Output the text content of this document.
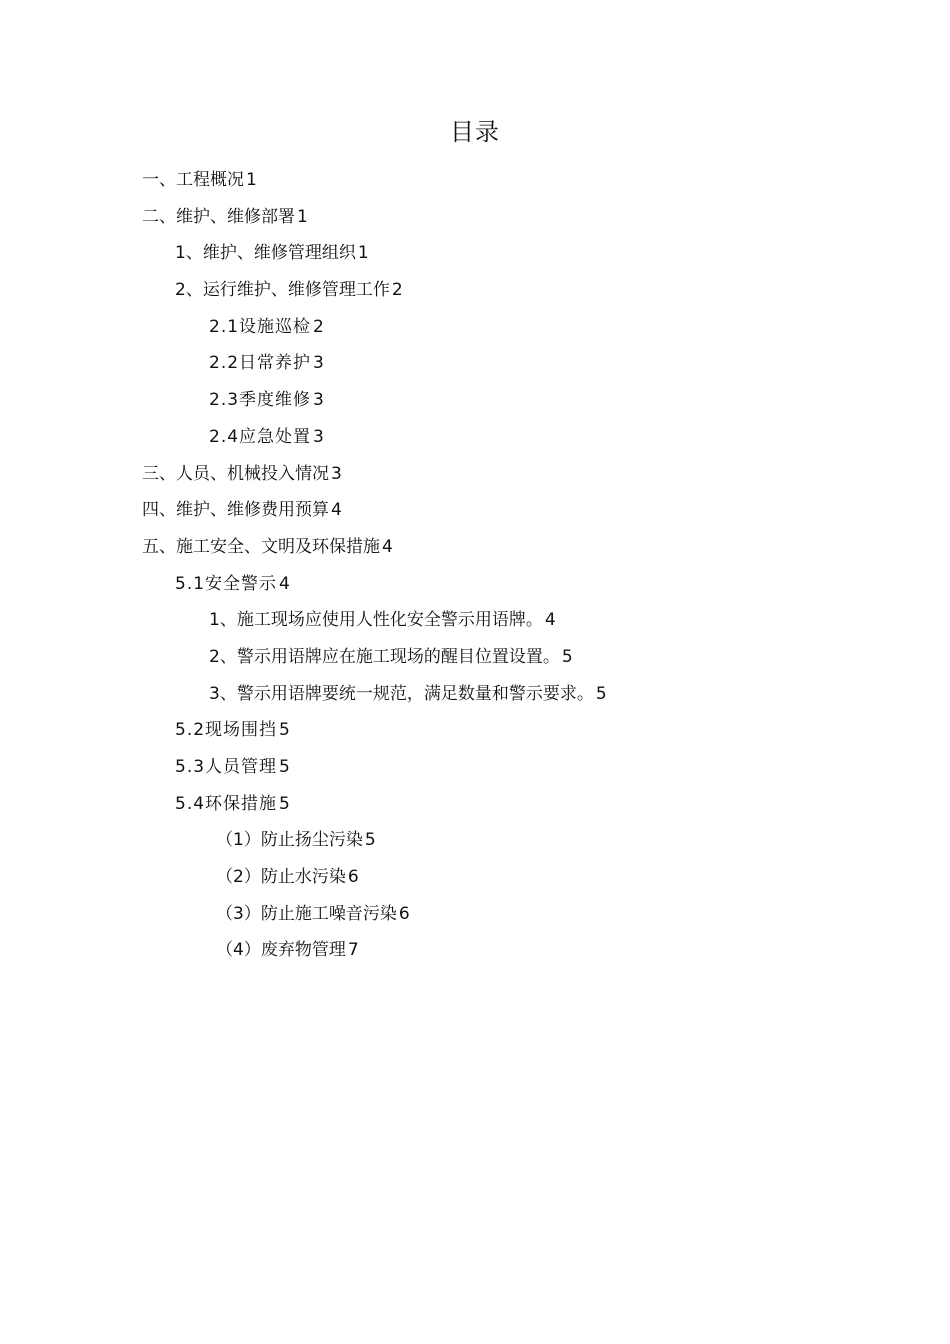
目录
一、工程概况 1
二、维护、维修部署 1
1、维护、维修管理组织 1
2、运行维护、维修管理工作 2
2.1设施巡检 2
2.2日常养护 3
2.3季度维修 3
2.4应急处置 3
三、人员、机械投入情况 3
四、维护、维修费用预算 4
五、施工安全、文明及环保措施 4
5.1安全警示 4
1、施工现场应使用人性化安全警示用语牌。 4
2、警示用语牌应在施工现场的醒目位置设置。 5
3、警示用语牌要统一规范，满足数量和警示要求。 5
5.2现场围挡 5
5.3人员管理 5
5.4环保措施 5
（1）防止扬尘污染 5
（2）防止水污染 6
（3）防止施工噪音污染 6
（4）废弃物管理 7
